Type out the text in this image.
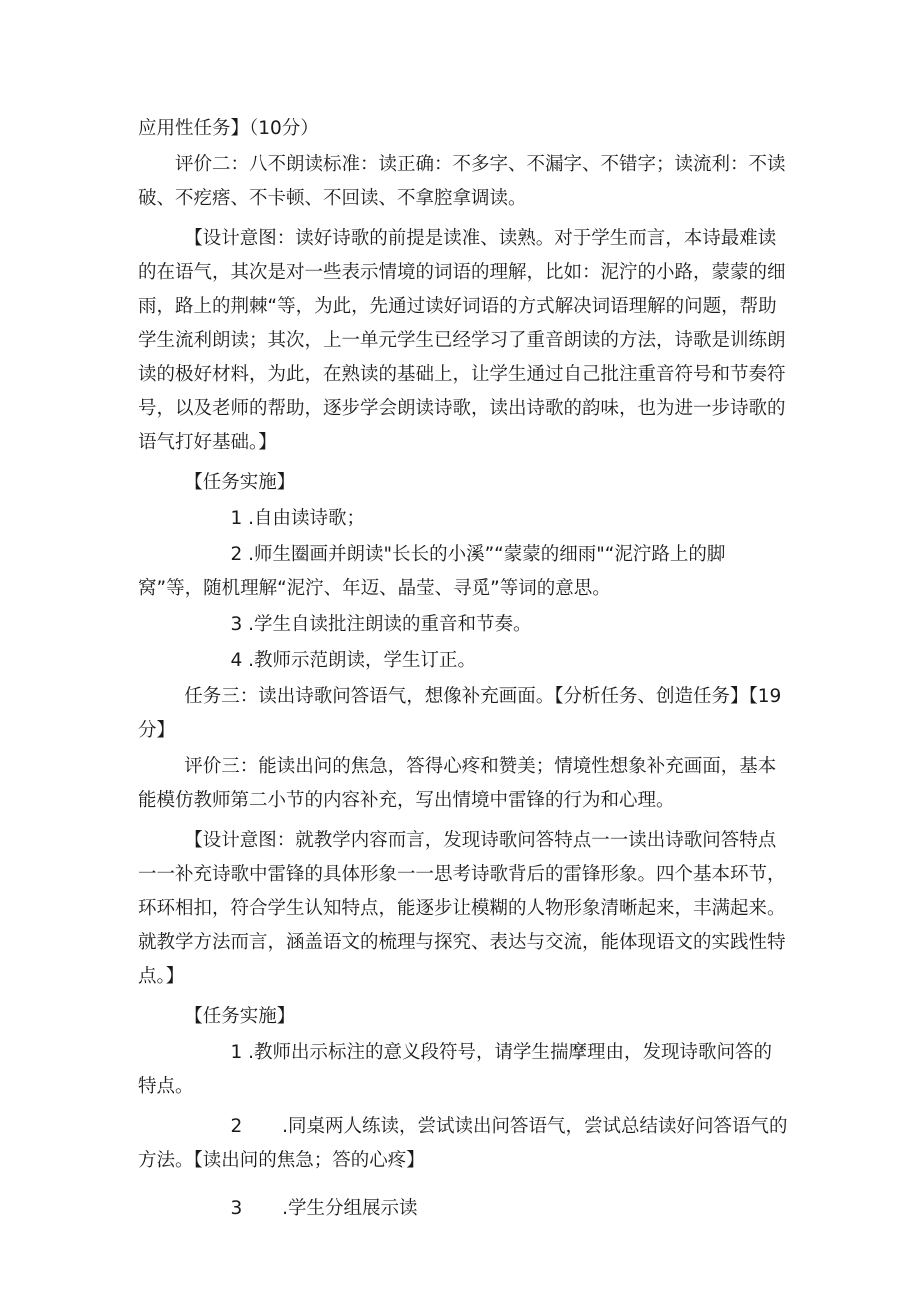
应用性任务】（10分）

评价二：八不朗读标准：读正确：不多字、不漏字、不错字；读流利：不读破、不疙瘩、不卡顿、不回读、不拿腔拿调读。

【设计意图：读好诗歌的前提是读准、读熟。对于学生而言，本诗最难读的在语气，其次是对一些表示情境的词语的理解，比如：泥泞的小路，蒙蒙的细雨，路上的荆棘“等，为此，先通过读好词语的方式解决词语理解的问题，帮助学生流利朗读；其次，上一单元学生已经学习了重音朗读的方法，诗歌是训练朗读的极好材料，为此，在熟读的基础上，让学生通过自己批注重音符号和节奏符号，以及老师的帮助，逐步学会朗读诗歌，读出诗歌的韵味，也为进一步诗歌的语气打好基础。】

【任务实施】

1 .自由读诗歌；

2 .师生圈画并朗读"长长的小溪”“蒙蒙的细雨"“泥泞路上的脚窝”等，随机理解“泥泞、年迈、晶莹、寻觅”等词的意思。

3 .学生自读批注朗读的重音和节奏。

4 .教师示范朗读，学生订正。

任务三：读出诗歌问答语气，想像补充画面。【分析任务、创造任务】【19分】

评价三：能读出问的焦急，答得心疼和赞美；情境性想象补充画面，基本能模仿教师第二小节的内容补充，写出情境中雷锋的行为和心理。

【设计意图：就教学内容而言，发现诗歌问答特点一一读出诗歌问答特点一一补充诗歌中雷锋的具体形象一一思考诗歌背后的雷锋形象。四个基本环节，环环相扣，符合学生认知特点，能逐步让模糊的人物形象清晰起来，丰满起来。就教学方法而言，涵盖语文的梳理与探究、表达与交流，能体现语文的实践性特点。】

【任务实施】

1 .教师出示标注的意义段符号，请学生揣摩理由，发现诗歌问答的特点。

2 .同桌两人练读，尝试读出问答语气，尝试总结读好问答语气的方法。【读出问的焦急；答的心疼】

3 .学生分组展示读
